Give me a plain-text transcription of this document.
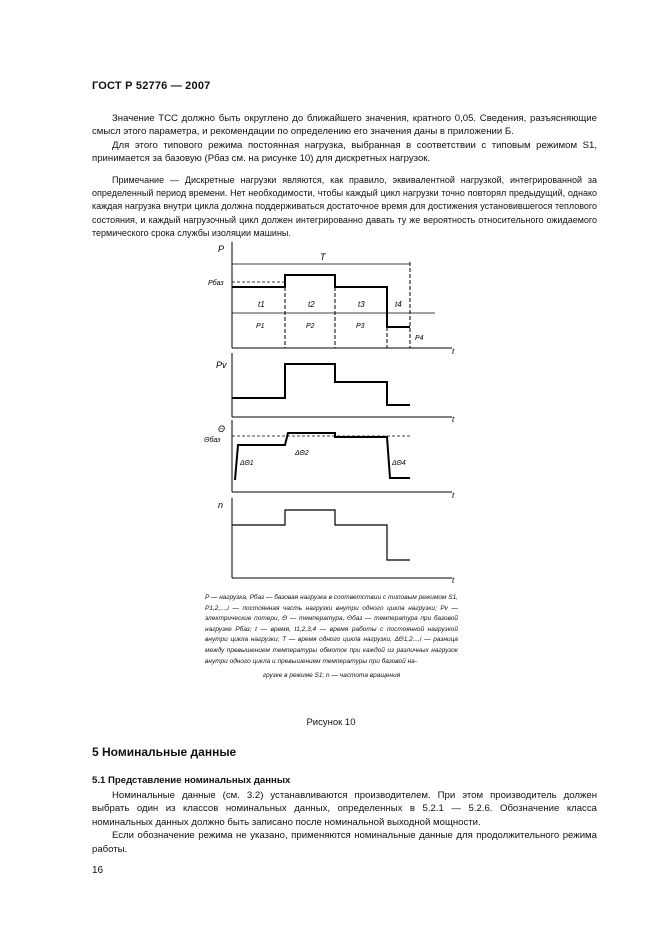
ГОСТ Р 52776 — 2007

Значение ТСС должно быть округлено до ближайшего значения, кратного 0,05. Сведения, разъясняющие смысл этого параметра, и рекомендации по определению его значения даны в приложении Б.

Для этого типового режима постоянная нагрузка, выбранная в соответствии с типовым режимом S1, принимается за базовую (Pбаз см. на рисунке 10) для дискретных нагрузок.

Примечание — Дискретные нагрузки являются, как правило, эквивалентной нагрузкой, интегрированной за определенный период времени. Нет необходимости, чтобы каждый цикл нагрузки точно повторял предыдущий, однако каждая нагрузка внутри цикла должна поддерживаться достаточное время для достижения установившегося теплового состояния, и каждый нагрузочный цикл должен интегрированно давать ту же вероятность относительного ожидаемого термического срока службы изоляции машины.

P
Pбаз
T
t1	t2	t3	t4
P1	P2	P3
P4
t
Pv
t
Θ
Θбаз
ΔΘ1
ΔΘ2
ΔΘ4
t
n
t
P — нагрузка, Pбаз — базовая нагрузка в соответствии с типовым режимом S1, P1,2,...,i — постоянная часть нагрузки внутри одного цикла нагрузки; Pv — электрические потери, Θ — температура, Θбаз — температура при базовой нагрузке Pбаз; t — время, t1,2,3,4 — время работы с постоянной нагрузкой внутри цикла нагрузки; T — время одного цикла нагрузки, ΔΘ1,2...,i — разница между превышением температуры обмоток при каждой из различных нагрузок внутри одного цикла и превышением температуры при базовой на-
грузке в режиме S1; n — частота вращения
Рисунок 10
5 Номинальные данные
5.1 Представление номинальных данных

Номинальные данные (см. 3.2) устанавливаются производителем. При этом производитель должен выбрать один из классов номинальных данных, определенных в 5.2.1 — 5.2.6. Обозначение класса номинальных данных должно быть записано после номинальной выходной мощности.

Если обозначение режима не указано, применяются номинальные данные для продолжительного режима работы.

16
